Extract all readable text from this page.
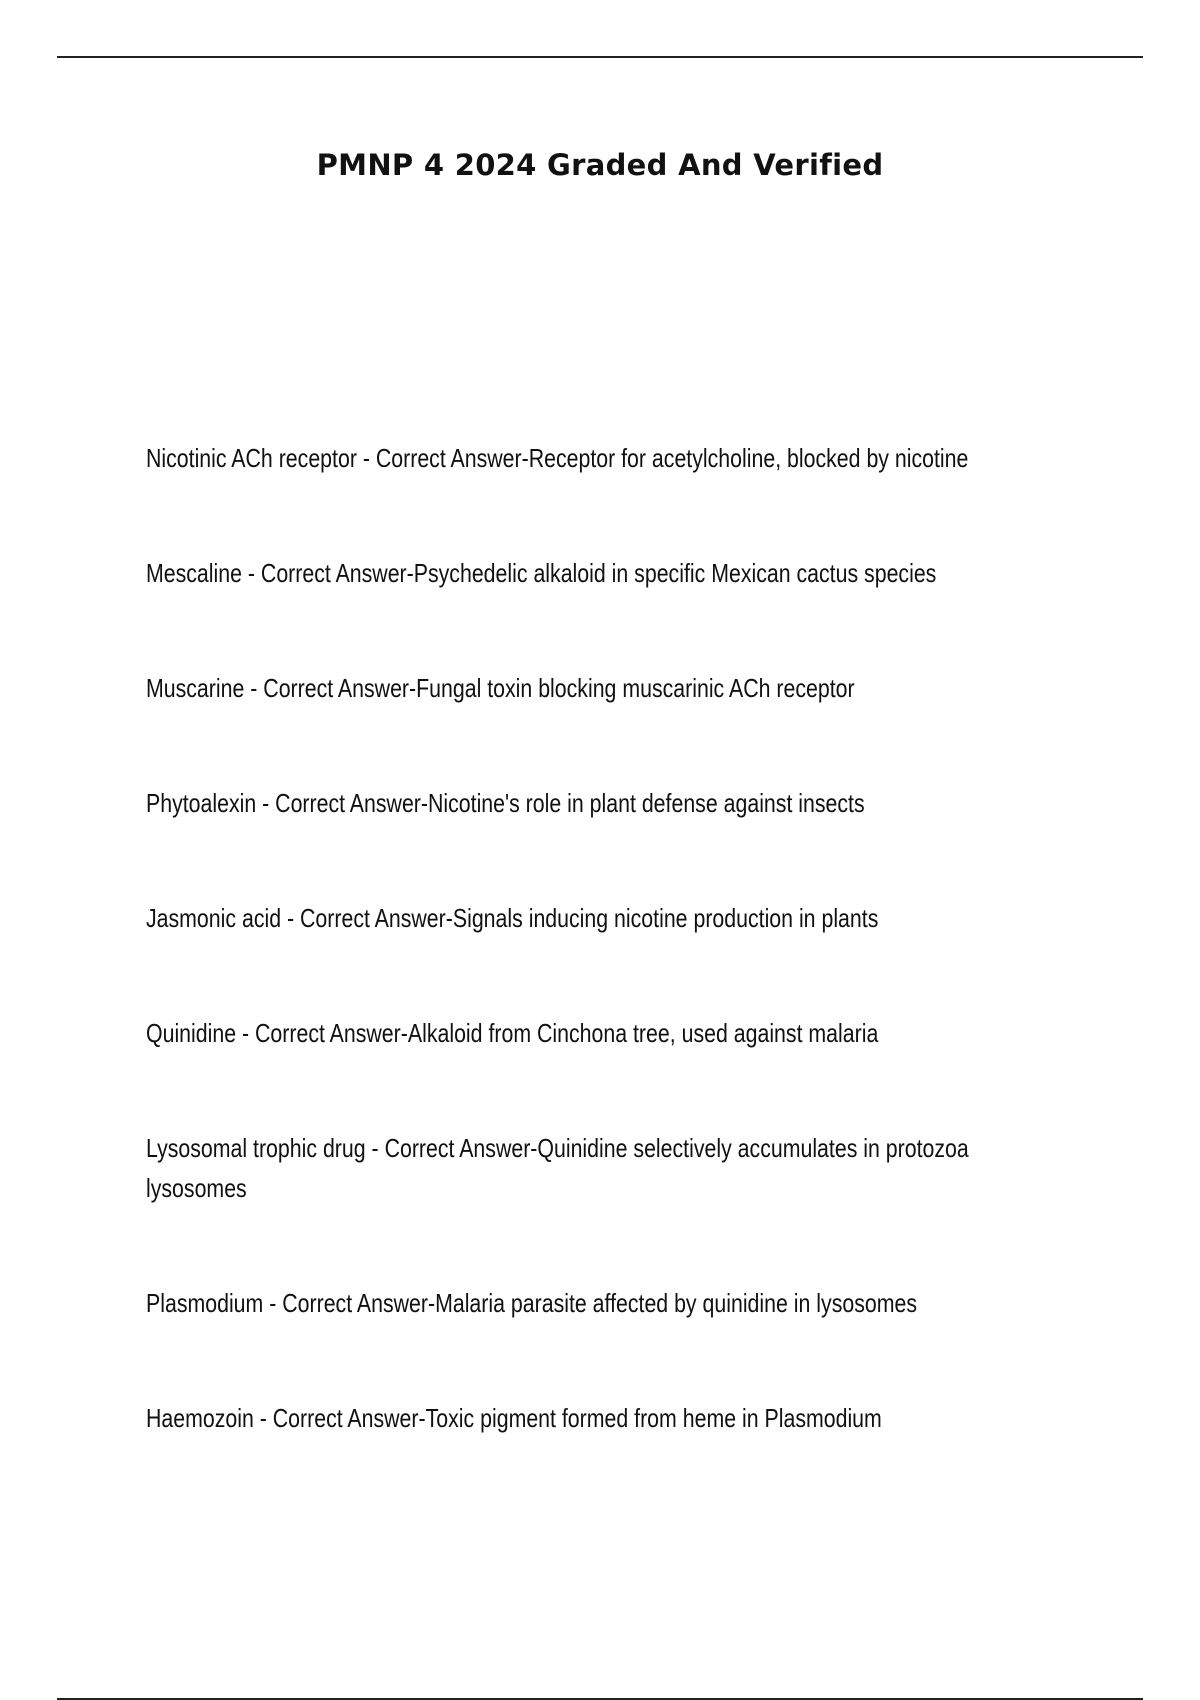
PMNP 4 2024 Graded And Verified
Nicotinic ACh receptor - Correct Answer-Receptor for acetylcholine, blocked by nicotine
Mescaline - Correct Answer-Psychedelic alkaloid in specific Mexican cactus species
Muscarine - Correct Answer-Fungal toxin blocking muscarinic ACh receptor
Phytoalexin - Correct Answer-Nicotine's role in plant defense against insects
Jasmonic acid - Correct Answer-Signals inducing nicotine production in plants
Quinidine - Correct Answer-Alkaloid from Cinchona tree, used against malaria
Lysosomal trophic drug - Correct Answer-Quinidine selectively accumulates in protozoa lysosomes
Plasmodium - Correct Answer-Malaria parasite affected by quinidine in lysosomes
Haemozoin - Correct Answer-Toxic pigment formed from heme in Plasmodium
